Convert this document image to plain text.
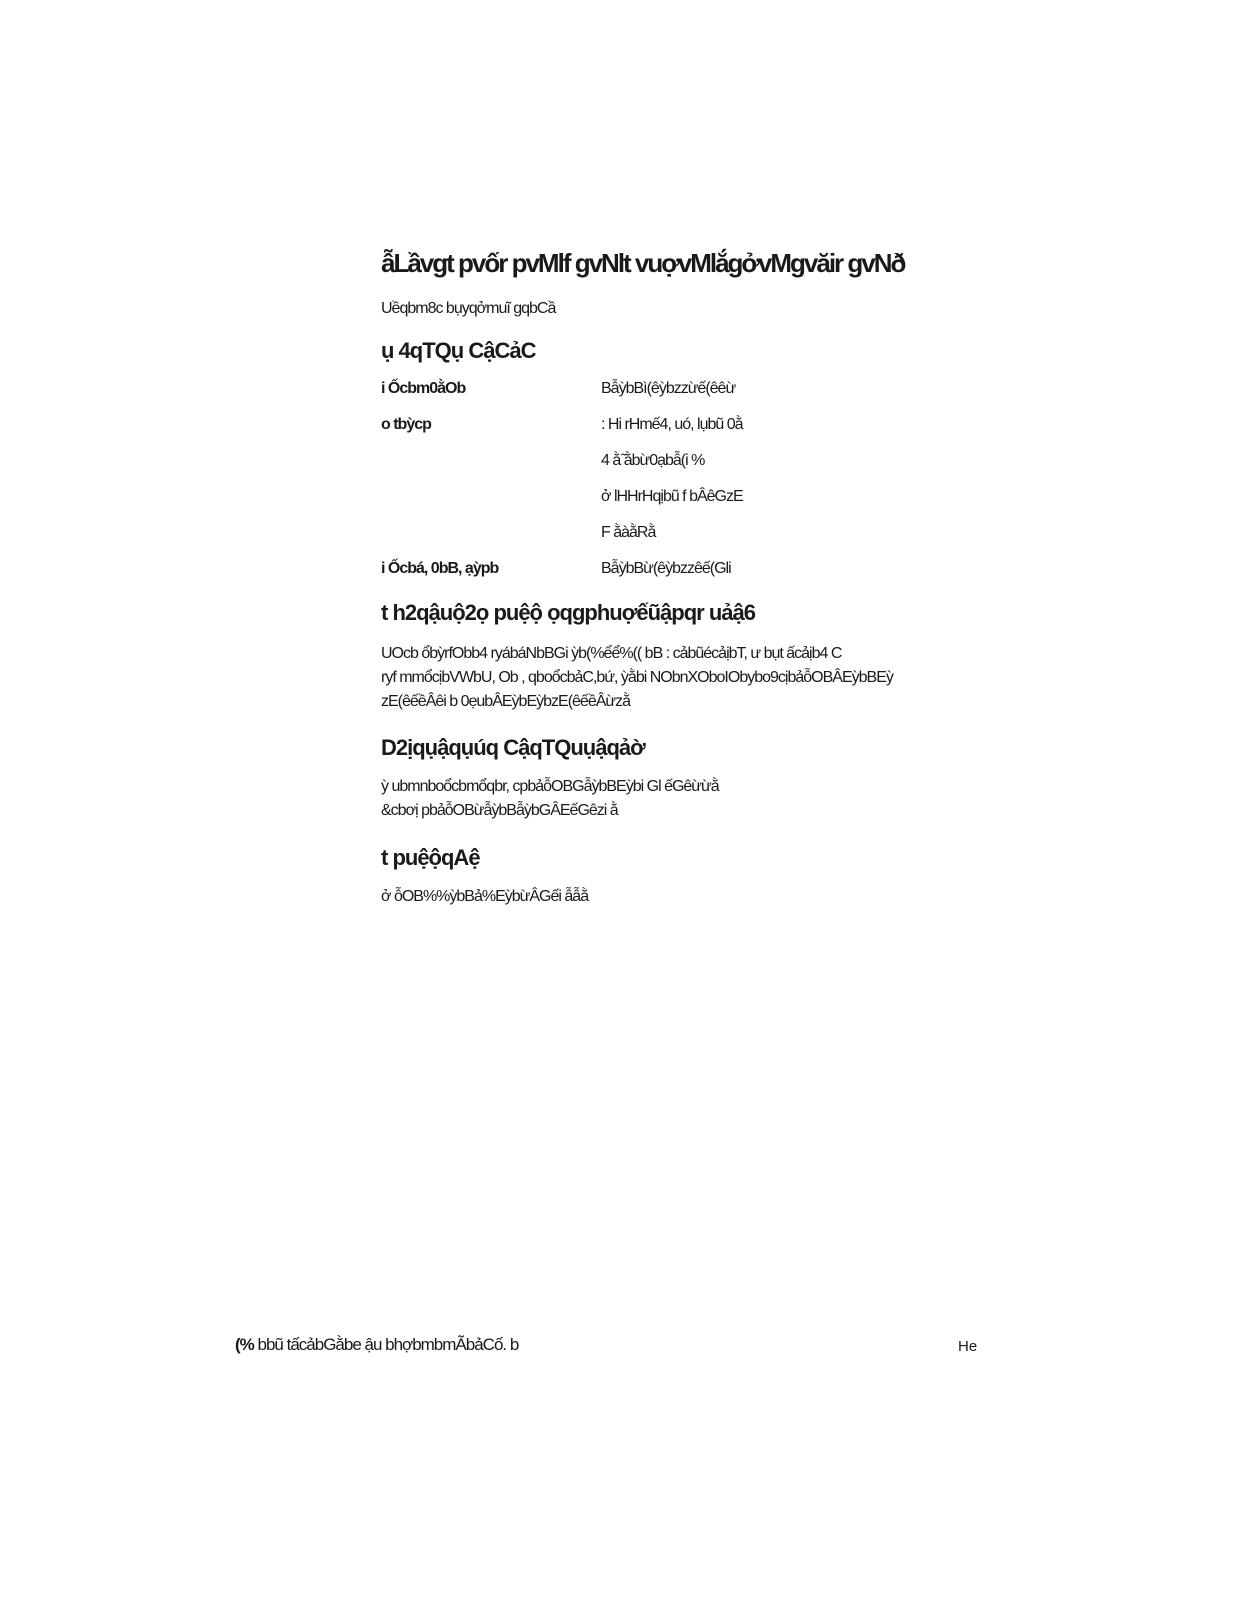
ẫLầvgt pvốr pvMlf gvNlt vuợvMlắgởvMgvăir gvNð

Uềqbm8c bụyqởmuĩ gqbCầ

ụ 4qTQụ CậCảC
i Ốcbm0ằOb	BẫỳbBì(êỳbzzừế(êêừ
o tbỳcp	: Hi rHmế4, uó, lụbũ 0ằ
4 ằ̃ ằbừ0ạbẫ(i %
ở lHHrHqịbũ f bÂêGzE
F ằàằRằ
i Ốcbá, 0bB, ạỳpb	BẫỳbBừ(êỳbzzêế(Gli
t h2qậuộ2ọ puệộ ọqgphuợếũậpqr uảậ6

UOcb ổbỳrfObb4 ryábáNbBGi ỳb(%ểể%(( bB : cảbũécảịbT, ư bụt ấcảịb4 C
ryf mmổcịbVWbU, Ob , qboổcbảC,bứ, ỳằbi NObnXOboIObybo9cịbảỗOBÂEỳbBEỳ
zE(êếềÂêi b 0ẹubÂEỳbEỳbzE(êếềÂừzằ

D2ịqụậqụúq CậqTQuụậqảờ

ỳ ubmnboổcbmổqbr, cpbảỗOBGẫỳbBEỳbi Gl ếGêừừằ
&cbơị pbảỗOBừẫỳbBẫỳbGÂEếGêzi ằ

t puệộqAệ

ở ỗOB%%ỳbBả%EỳbừÂGếi ẫẫằ

(% bbũ tấcảbGằbe ậu bhợbmbmÃbảCố. b	He
